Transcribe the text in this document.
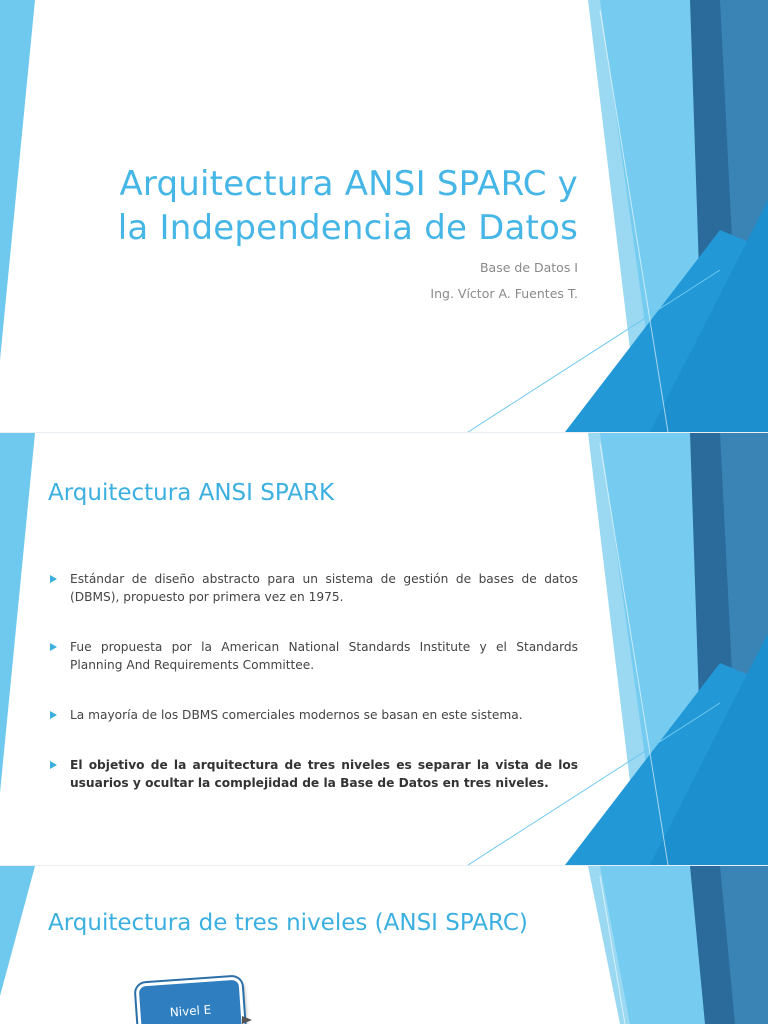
Arquitectura ANSI SPARC y
la Independencia de Datos
Base de Datos I
Ing. Víctor A. Fuentes T.
Arquitectura ANSI SPARK
Estándar de diseño abstracto para un sistema de gestión de bases de datos (DBMS), propuesto por primera vez en 1975.
Fue propuesta por la American National Standards Institute y el Standards Planning And Requirements Committee.
La mayoría de los DBMS comerciales modernos se basan en este sistema.
El objetivo de la arquitectura de tres niveles es separar la vista de los usuarios y ocultar la complejidad de la Base de Datos en tres niveles.
Arquitectura de tres niveles (ANSI SPARC)
Nivel E
